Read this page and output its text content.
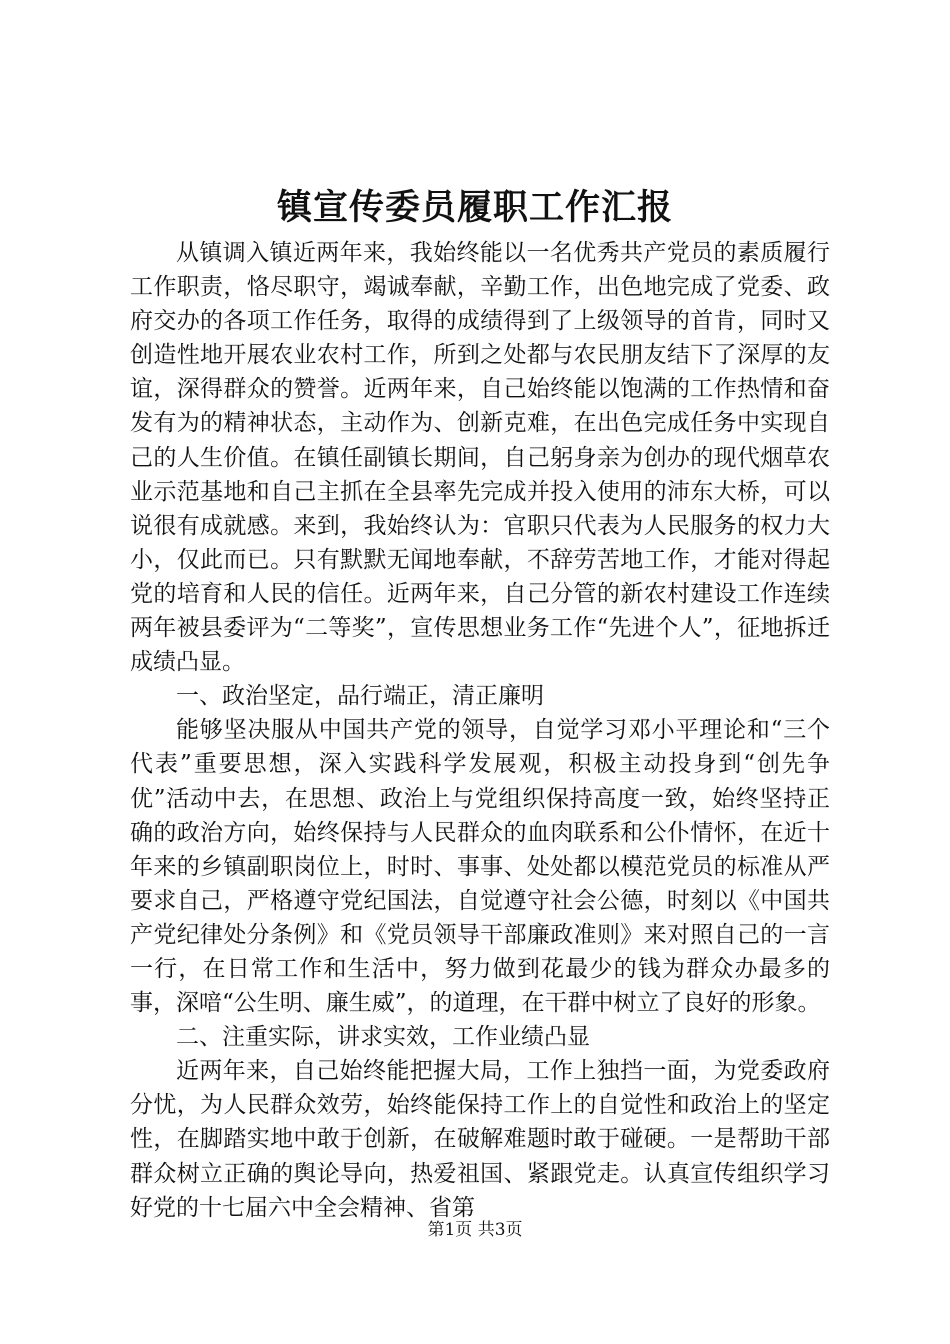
镇宣传委员履职工作汇报

从镇调入镇近两年来，我始终能以一名优秀共产党员的素质履行工作职责，恪尽职守，竭诚奉献，辛勤工作，出色地完成了党委、政府交办的各项工作任务，取得的成绩得到了上级领导的首肯，同时又创造性地开展农业农村工作，所到之处都与农民朋友结下了深厚的友谊，深得群众的赞誉。近两年来，自己始终能以饱满的工作热情和奋发有为的精神状态，主动作为、创新克难，在出色完成任务中实现自己的人生价值。在镇任副镇长期间，自己躬身亲为创办的现代烟草农业示范基地和自己主抓在全县率先完成并投入使用的沛东大桥，可以说很有成就感。来到，我始终认为：官职只代表为人民服务的权力大小，仅此而已。只有默默无闻地奉献，不辞劳苦地工作，才能对得起党的培育和人民的信任。近两年来，自己分管的新农村建设工作连续两年被县委评为“二等奖”，宣传思想业务工作“先进个人”，征地拆迁成绩凸显。

一、政治坚定，品行端正，清正廉明

能够坚决服从中国共产党的领导，自觉学习邓小平理论和“三个代表”重要思想，深入实践科学发展观，积极主动投身到“创先争优”活动中去，在思想、政治上与党组织保持高度一致，始终坚持正确的政治方向，始终保持与人民群众的血肉联系和公仆情怀，在近十年来的乡镇副职岗位上，时时、事事、处处都以模范党员的标准从严要求自己，严格遵守党纪国法，自觉遵守社会公德，时刻以《中国共产党纪律处分条例》和《党员领导干部廉政准则》来对照自己的一言一行，在日常工作和生活中，努力做到花最少的钱为群众办最多的事，深喑“公生明、廉生威”，的道理，在干群中树立了良好的形象。

二、注重实际，讲求实效，工作业绩凸显

近两年来，自己始终能把握大局，工作上独挡一面，为党委政府分忧，为人民群众效劳，始终能保持工作上的自觉性和政治上的坚定性，在脚踏实地中敢于创新，在破解难题时敢于碰硬。一是帮助干部群众树立正确的舆论导向，热爱祖国、紧跟党走。认真宣传组织学习好党的十七届六中全会精神、省第

第1页 共3页
